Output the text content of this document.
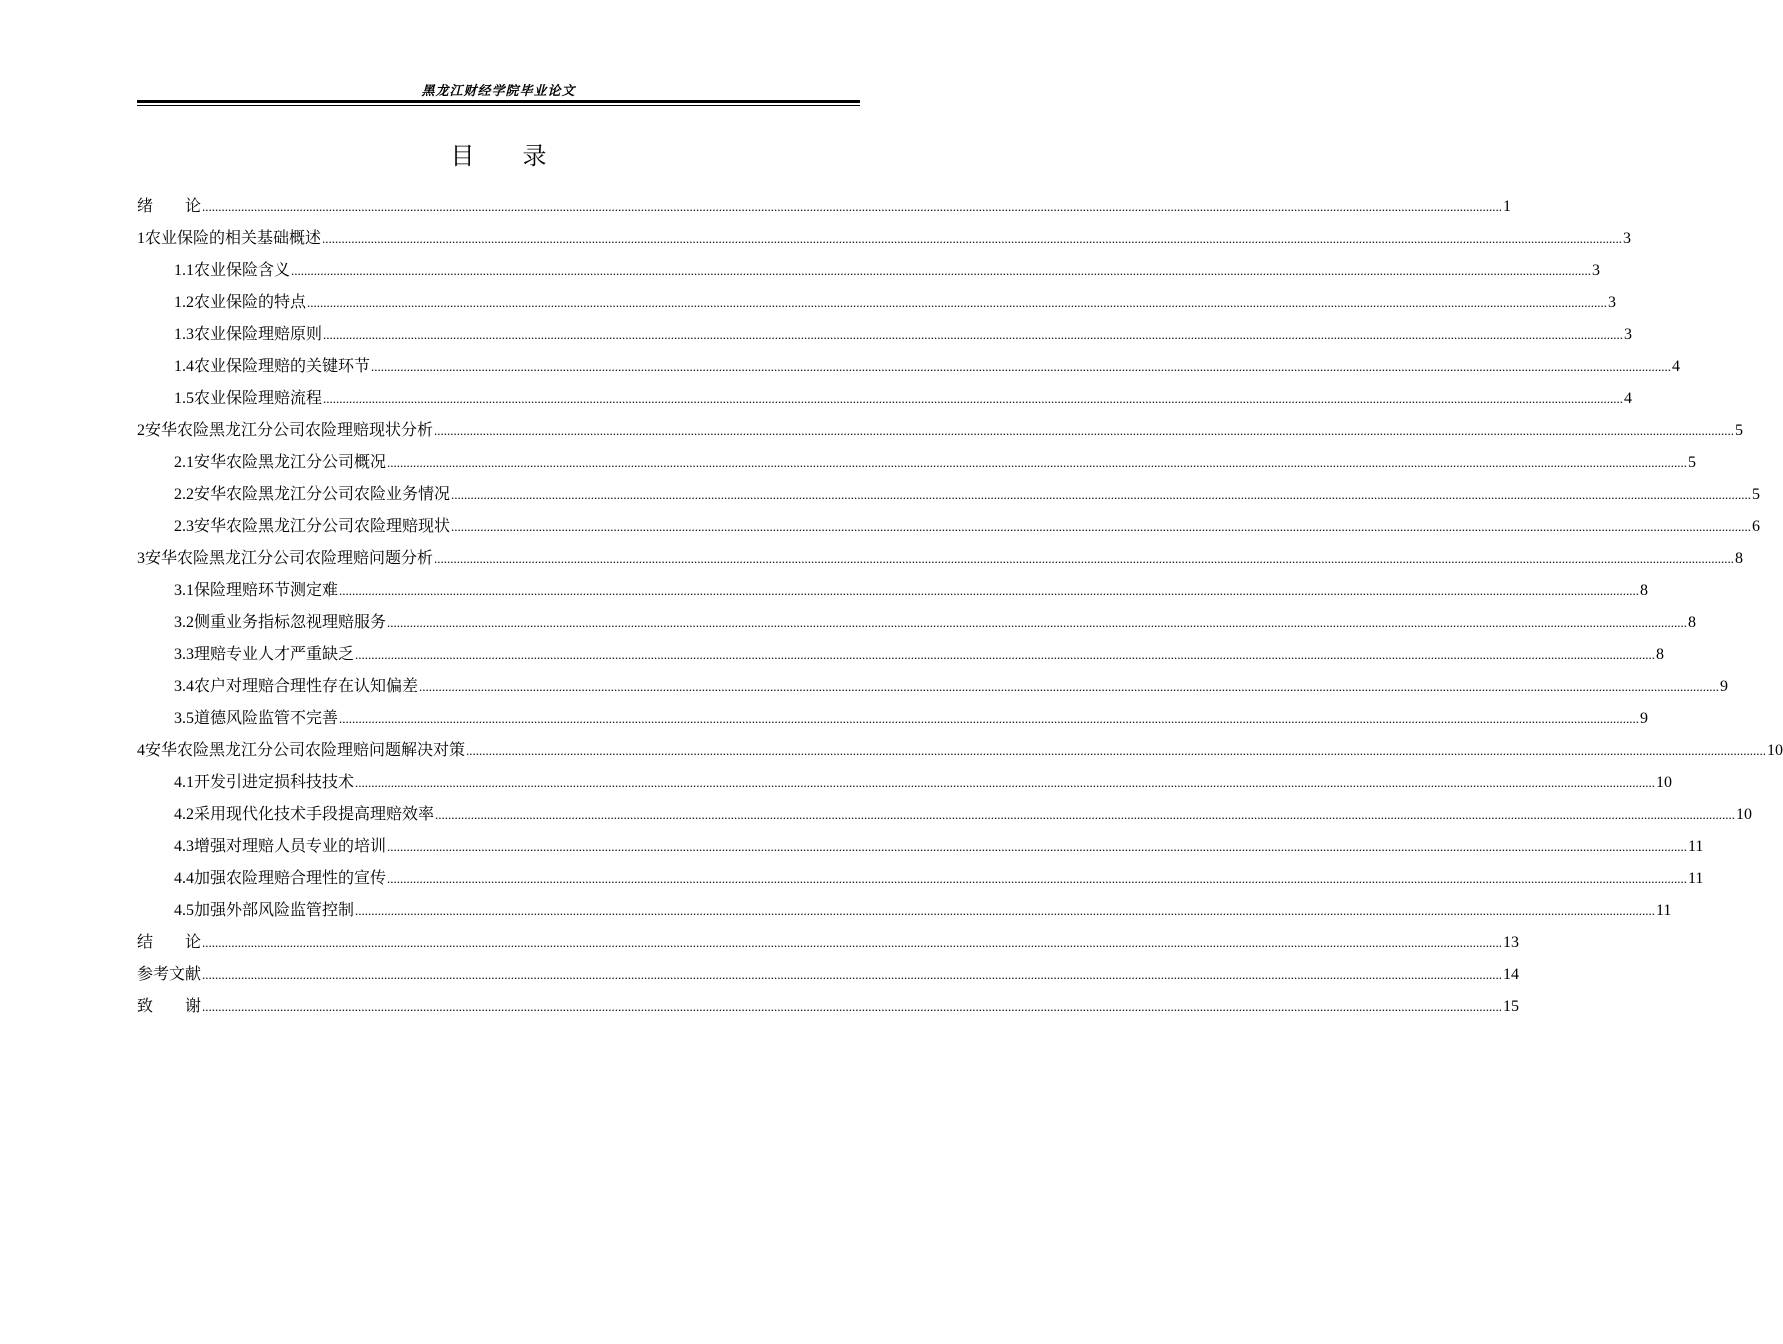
黑龙江财经学院毕业论文
目录
绪　　论 ................................................................................................................................................................................................................................................................................................................................................................................................................ 1
1 农业保险的相关基础概述 ................................................................................................................................................................................................................................................................................................................................................................................................................ 3
1.1 农业保险含义 ................................................................................................................................................................................................................................................................................................................................................................................................................ 3
1.2 农业保险的特点 ................................................................................................................................................................................................................................................................................................................................................................................................................ 3
1.3 农业保险理赔原则 ................................................................................................................................................................................................................................................................................................................................................................................................................ 3
1.4 农业保险理赔的关键环节 ................................................................................................................................................................................................................................................................................................................................................................................................................ 4
1.5 农业保险理赔流程 ................................................................................................................................................................................................................................................................................................................................................................................................................ 4
2 安华农险黑龙江分公司农险理赔现状分析 ................................................................................................................................................................................................................................................................................................................................................................................................................ 5
2.1 安华农险黑龙江分公司概况 ................................................................................................................................................................................................................................................................................................................................................................................................................ 5
2.2 安华农险黑龙江分公司农险业务情况 ................................................................................................................................................................................................................................................................................................................................................................................................................ 5
2.3 安华农险黑龙江分公司农险理赔现状 ................................................................................................................................................................................................................................................................................................................................................................................................................ 6
3 安华农险黑龙江分公司农险理赔问题分析 ................................................................................................................................................................................................................................................................................................................................................................................................................ 8
3.1 保险理赔环节测定难 ................................................................................................................................................................................................................................................................................................................................................................................................................ 8
3.2 侧重业务指标忽视理赔服务 ................................................................................................................................................................................................................................................................................................................................................................................................................ 8
3.3 理赔专业人才严重缺乏 ................................................................................................................................................................................................................................................................................................................................................................................................................ 8
3.4 农户对理赔合理性存在认知偏差 ................................................................................................................................................................................................................................................................................................................................................................................................................ 9
3.5 道德风险监管不完善 ................................................................................................................................................................................................................................................................................................................................................................................................................ 9
4 安华农险黑龙江分公司农险理赔问题解决对策 ................................................................................................................................................................................................................................................................................................................................................................................................................ 10
4.1 开发引进定损科技技术 ................................................................................................................................................................................................................................................................................................................................................................................................................ 10
4.2 采用现代化技术手段提高理赔效率 ................................................................................................................................................................................................................................................................................................................................................................................................................ 10
4.3 增强对理赔人员专业的培训 ................................................................................................................................................................................................................................................................................................................................................................................................................ 11
4.4 加强农险理赔合理性的宣传 ................................................................................................................................................................................................................................................................................................................................................................................................................ 11
4.5 加强外部风险监管控制 ................................................................................................................................................................................................................................................................................................................................................................................................................ 11
结　　论 ................................................................................................................................................................................................................................................................................................................................................................................................................ 13
参考文献 ................................................................................................................................................................................................................................................................................................................................................................................................................ 14
致　　谢 ................................................................................................................................................................................................................................................................................................................................................................................................................ 15
